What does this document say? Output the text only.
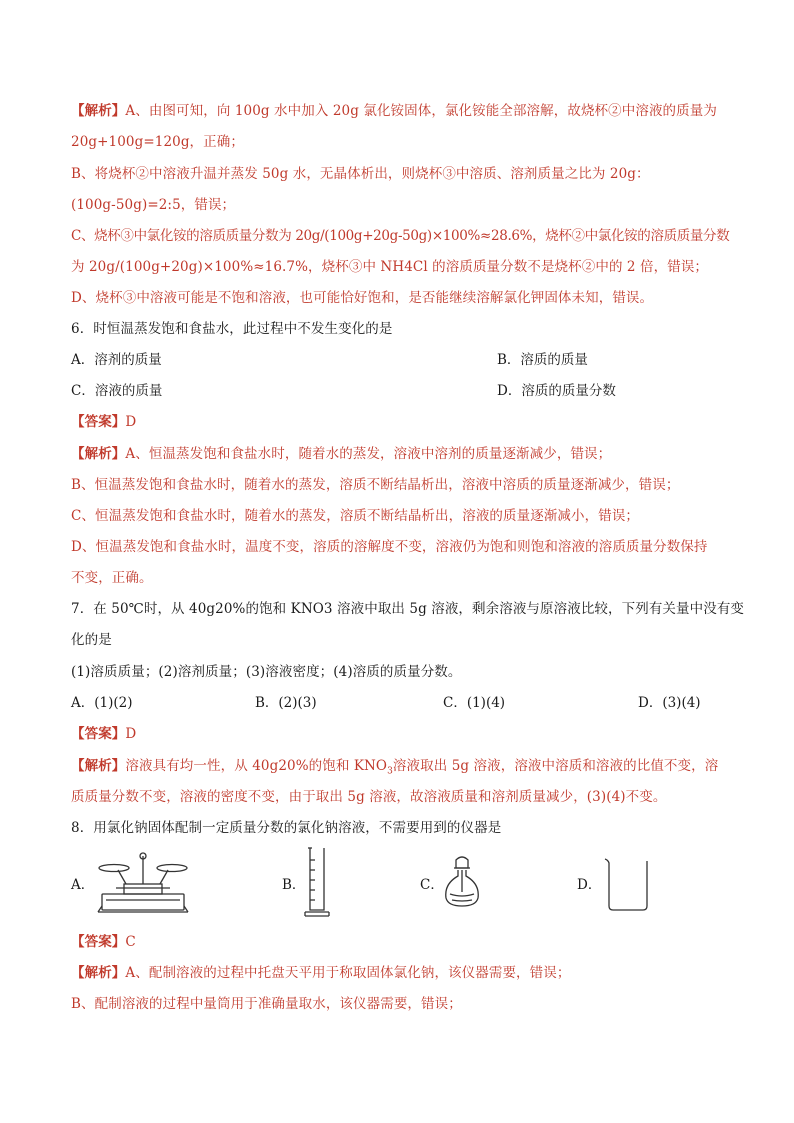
【解析】A、由图可知，向 100g 水中加入 20g 氯化铵固体，氯化铵能全部溶解，故烧杯②中溶液的质量为
20g+100g=120g，正确；
B、将烧杯②中溶液升温并蒸发 50g 水，无晶体析出，则烧杯③中溶质、溶剂质量之比为 20g：
(100g-50g)=2:5，错误；
C、烧杯③中氯化铵的溶质质量分数为 20g/(100g+20g-50g)×100%≈28.6%，烧杯②中氯化铵的溶质质量分数
为 20g/(100g+20g)×100%≈16.7%，烧杯③中 NH4Cl 的溶质质量分数不是烧杯②中的 2 倍，错误；
D、烧杯③中溶液可能是不饱和溶液，也可能恰好饱和，是否能继续溶解氯化钾固体未知，错误。
6．时恒温蒸发饱和食盐水，此过程中不发生变化的是
A．溶剂的质量	B．溶质的质量
C．溶液的质量	D．溶质的质量分数
【答案】D
【解析】A、恒温蒸发饱和食盐水时，随着水的蒸发，溶液中溶剂的质量逐渐减少，错误；
B、恒温蒸发饱和食盐水时，随着水的蒸发，溶质不断结晶析出，溶液中溶质的质量逐渐减少，错误；
C、恒温蒸发饱和食盐水时，随着水的蒸发，溶质不断结晶析出，溶液的质量逐渐减小，错误；
D、恒温蒸发饱和食盐水时，温度不变，溶质的溶解度不变，溶液仍为饱和则饱和溶液的溶质质量分数保持
不变，正确。
7．在 50℃时，从 40g20%的饱和 KNO3 溶液中取出 5g 溶液，剩余溶液与原溶液比较，下列有关量中没有变
化的是
(1)溶质质量；(2)溶剂质量；(3)溶液密度；(4)溶质的质量分数。
A．(1)(2)	B．(2)(3)	C．(1)(4)	D．(3)(4)
【答案】D
【解析】溶液具有均一性，从 40g20%的饱和 $KNO_3$溶液取出 5g 溶液，溶液中溶质和溶液的比值不变，溶
质质量分数不变，溶液的密度不变，由于取出 5g 溶液，故溶液质量和溶剂质量减少，(3)(4)不变。
8．用氯化钠固体配制一定质量分数的氯化钠溶液，不需要用到的仪器是
A．	B．	C．	D．
【答案】C
【解析】A、配制溶液的过程中托盘天平用于称取固体氯化钠，该仪器需要，错误；
B、配制溶液的过程中量筒用于准确量取水，该仪器需要，错误；
